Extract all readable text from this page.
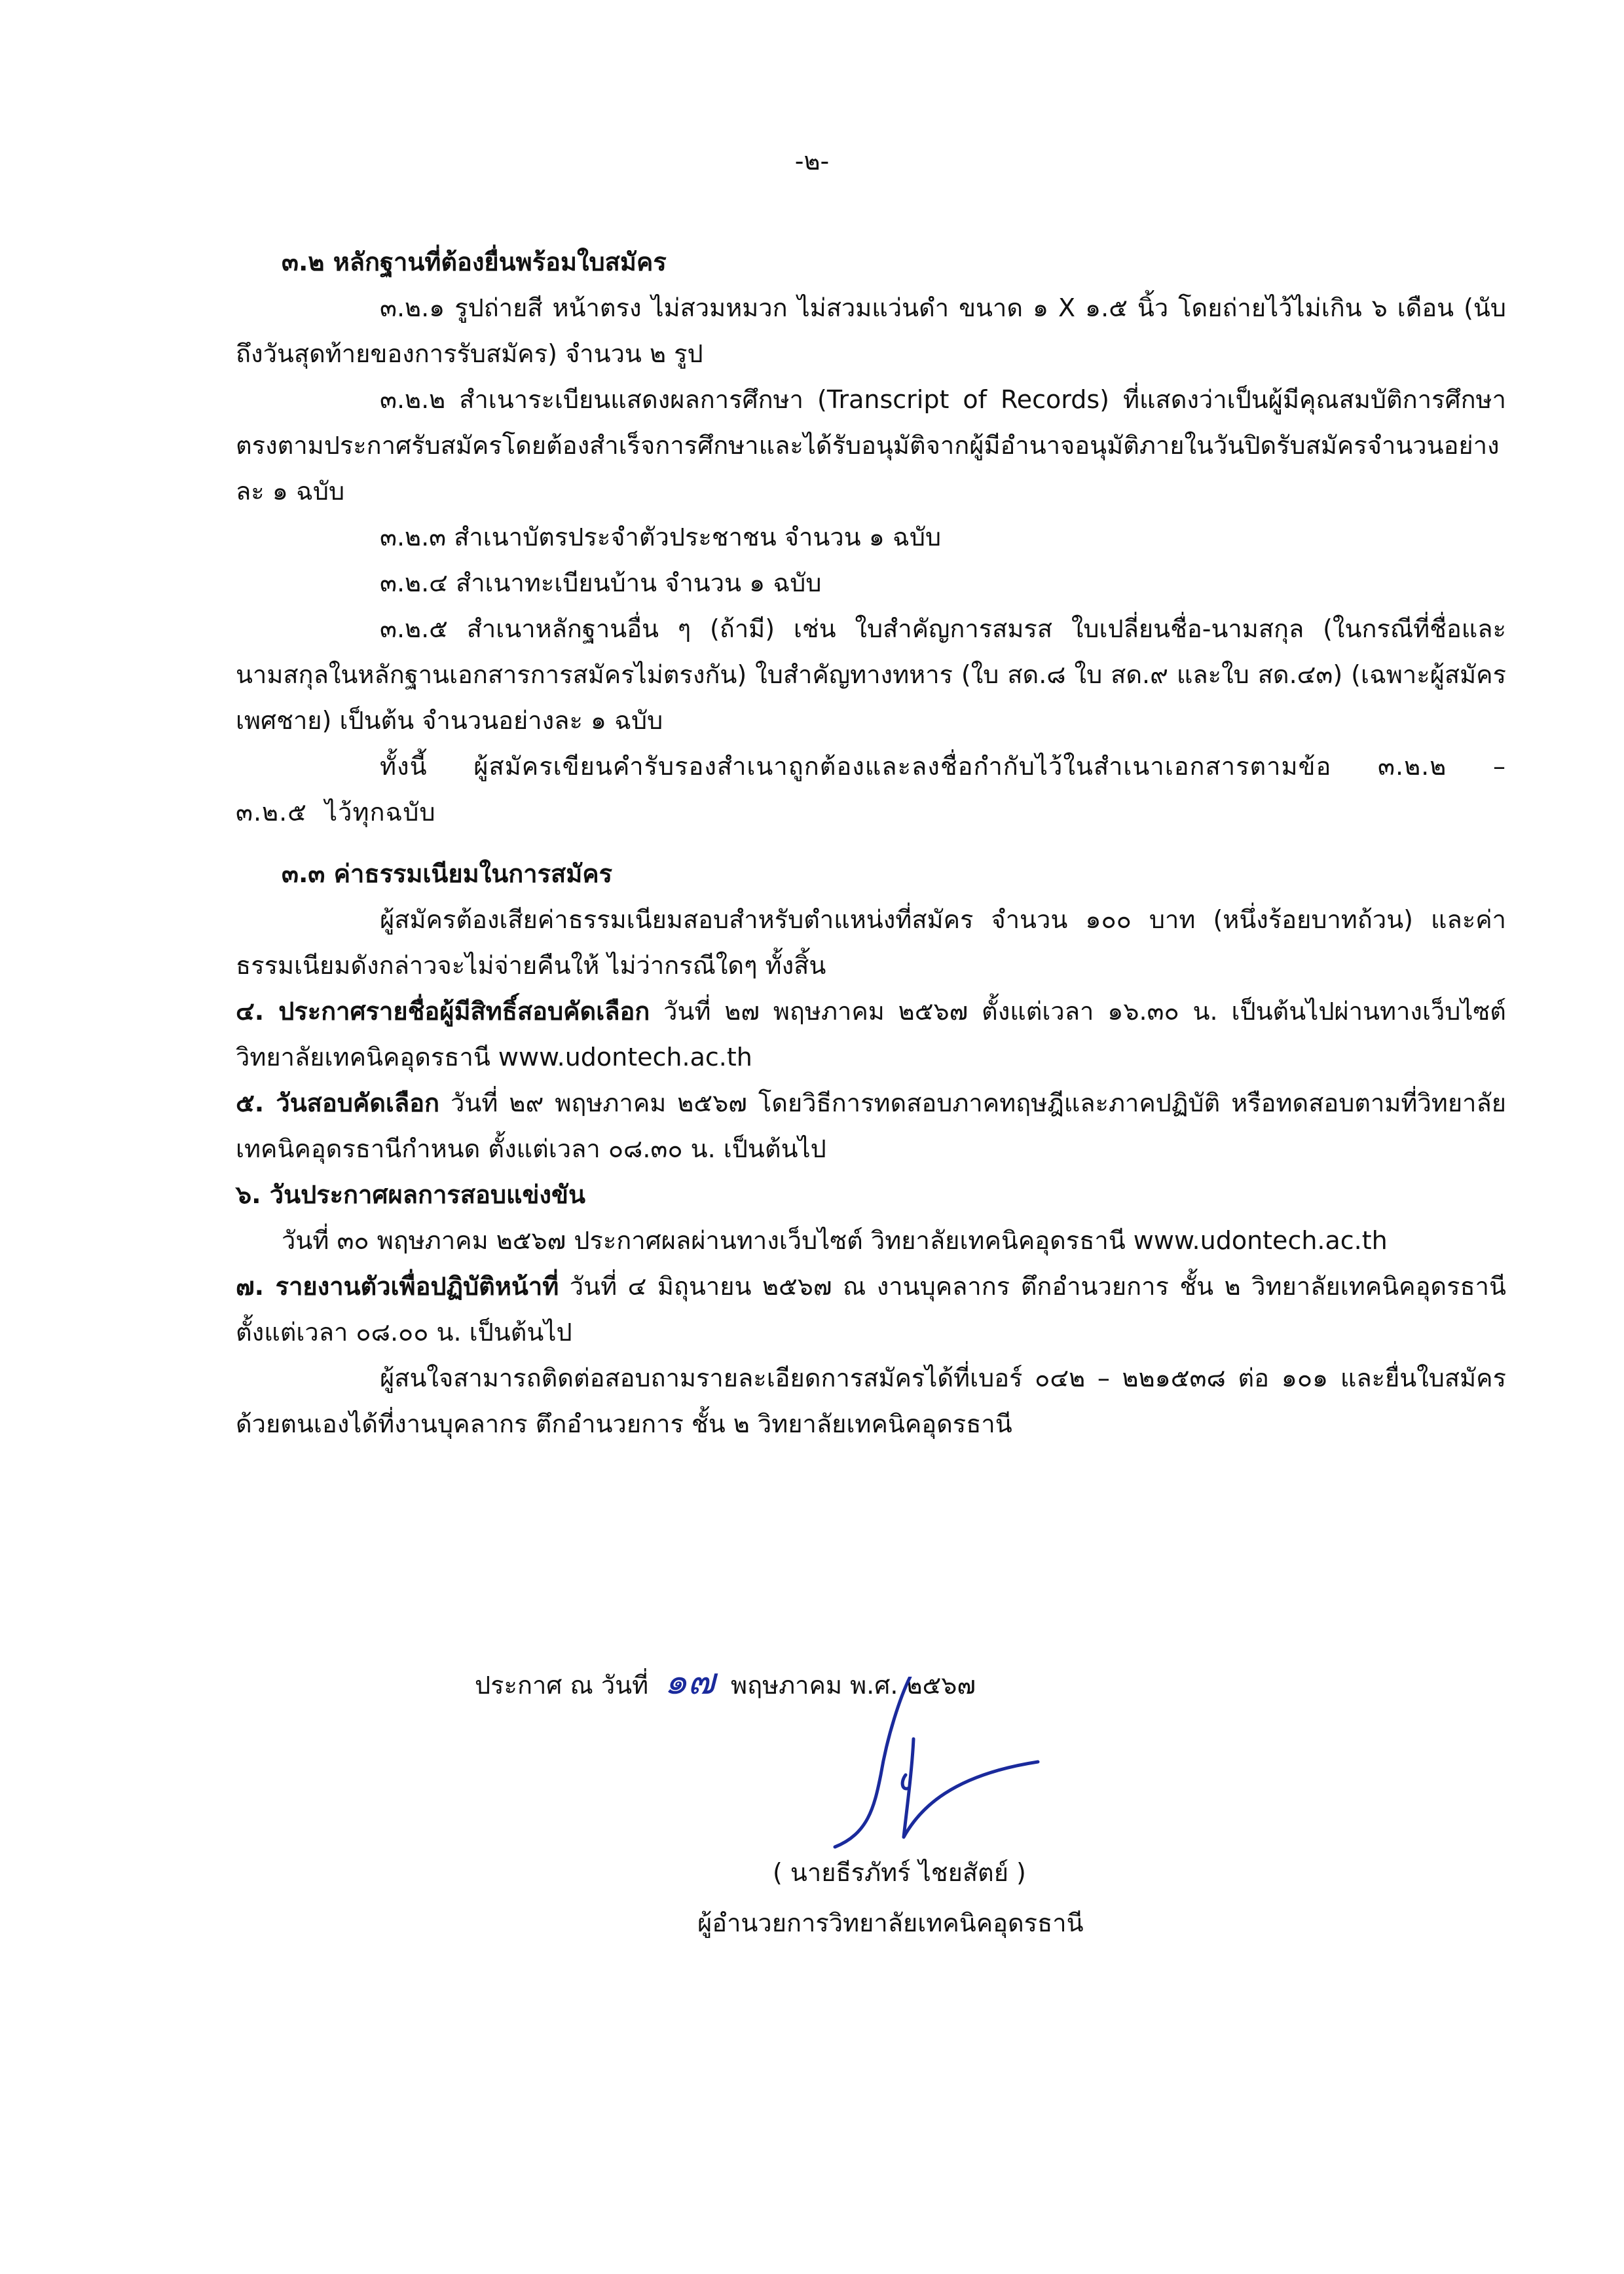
-๒-

๓.๒ หลักฐานที่ต้องยื่นพร้อมใบสมัคร

๓.๒.๑ รูปถ่ายสี หน้าตรง ไม่สวมหมวก ไม่สวมแว่นดำ ขนาด ๑ X ๑.๕ นิ้ว โดยถ่ายไว้ไม่เกิน ๖ เดือน (นับถึงวันสุดท้ายของการรับสมัคร) จำนวน ๒ รูป

๓.๒.๒ สำเนาระเบียนแสดงผลการศึกษา (Transcript of Records) ที่แสดงว่าเป็นผู้มีคุณสมบัติการศึกษาตรงตามประกาศรับสมัครโดยต้องสำเร็จการศึกษาและได้รับอนุมัติจากผู้มีอำนาจอนุมัติภายในวันปิดรับสมัครจำนวนอย่างละ ๑ ฉบับ

๓.๒.๓ สำเนาบัตรประจำตัวประชาชน จำนวน ๑ ฉบับ

๓.๒.๔ สำเนาทะเบียนบ้าน จำนวน ๑ ฉบับ

๓.๒.๕ สำเนาหลักฐานอื่น ๆ (ถ้ามี) เช่น ใบสำคัญการสมรส ใบเปลี่ยนชื่อ-นามสกุล (ในกรณีที่ชื่อและนามสกุลในหลักฐานเอกสารการสมัครไม่ตรงกัน) ใบสำคัญทางทหาร (ใบ สด.๘ ใบ สด.๙ และใบ สด.๔๓) (เฉพาะผู้สมัครเพศชาย) เป็นต้น จำนวนอย่างละ ๑ ฉบับ

ทั้งนี้ ผู้สมัครเขียนคำรับรองสำเนาถูกต้องและลงชื่อกำกับไว้ในสำเนาเอกสารตามข้อ ๓.๒.๒ – ๓.๒.๕ ไว้ทุกฉบับ

๓.๓ ค่าธรรมเนียมในการสมัคร

ผู้สมัครต้องเสียค่าธรรมเนียมสอบสำหรับตำแหน่งที่สมัคร จำนวน ๑๐๐ บาท (หนึ่งร้อยบาทถ้วน) และค่าธรรมเนียมดังกล่าวจะไม่จ่ายคืนให้ ไม่ว่ากรณีใดๆ ทั้งสิ้น

๔. ประกาศรายชื่อผู้มีสิทธิ์สอบคัดเลือก วันที่ ๒๗ พฤษภาคม ๒๕๖๗ ตั้งแต่เวลา ๑๖.๓๐ น. เป็นต้นไปผ่านทางเว็บไซต์ วิทยาลัยเทคนิคอุดรธานี www.udontech.ac.th

๕. วันสอบคัดเลือก วันที่ ๒๙ พฤษภาคม ๒๕๖๗ โดยวิธีการทดสอบภาคทฤษฎีและภาคปฏิบัติ หรือทดสอบตามที่วิทยาลัยเทคนิคอุดรธานีกำหนด ตั้งแต่เวลา ๐๘.๓๐ น. เป็นต้นไป

๖. วันประกาศผลการสอบแข่งขัน

วันที่ ๓๐ พฤษภาคม ๒๕๖๗ ประกาศผลผ่านทางเว็บไซต์ วิทยาลัยเทคนิคอุดรธานี www.udontech.ac.th

๗. รายงานตัวเพื่อปฏิบัติหน้าที่ วันที่ ๔ มิถุนายน ๒๕๖๗ ณ งานบุคลากร ตึกอำนวยการ ชั้น ๒ วิทยาลัยเทคนิคอุดรธานี ตั้งแต่เวลา ๐๘.๐๐ น. เป็นต้นไป

ผู้สนใจสามารถติดต่อสอบถามรายละเอียดการสมัครได้ที่เบอร์ ๐๔๒ – ๒๒๑๕๓๘ ต่อ ๑๐๑ และยื่นใบสมัครด้วยตนเองได้ที่งานบุคลากร ตึกอำนวยการ ชั้น ๒ วิทยาลัยเทคนิคอุดรธานี

ประกาศ ณ วันที่ ๑๗ พฤษภาคม พ.ศ. ๒๕๖๗
( นายธีรภัทร์ ไชยสัตย์ )
ผู้อำนวยการวิทยาลัยเทคนิคอุดรธานี
